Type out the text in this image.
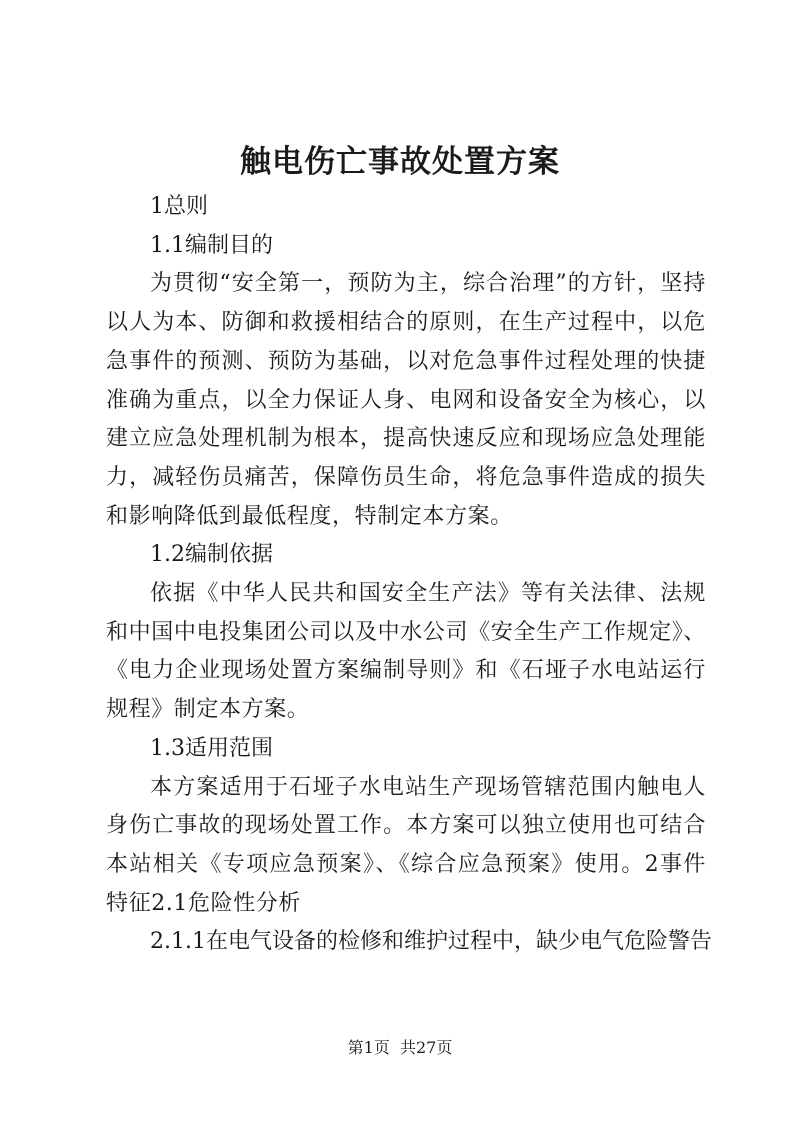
触电伤亡事故处置方案

1总则

1.1编制目的

为贯彻“安全第一，预防为主，综合治理”的方针，坚持以人为本、防御和救援相结合的原则，在生产过程中，以危急事件的预测、预防为基础，以对危急事件过程处理的快捷准确为重点，以全力保证人身、电网和设备安全为核心，以建立应急处理机制为根本，提高快速反应和现场应急处理能力，减轻伤员痛苦，保障伤员生命，将危急事件造成的损失和影响降低到最低程度，特制定本方案。

1.2编制依据

依据《中华人民共和国安全生产法》等有关法律、法规和中国中电投集团公司以及中水公司《安全生产工作规定》、《电力企业现场处置方案编制导则》和《石垭子水电站运行规程》制定本方案。

1.3适用范围

本方案适用于石垭子水电站生产现场管辖范围内触电人身伤亡事故的现场处置工作。本方案可以独立使用也可结合本站相关《专项应急预案》、《综合应急预案》使用。2事件特征2.1危险性分析

2.1.1在电气设备的检修和维护过程中，缺少电气危险警告

第1页  共27页
